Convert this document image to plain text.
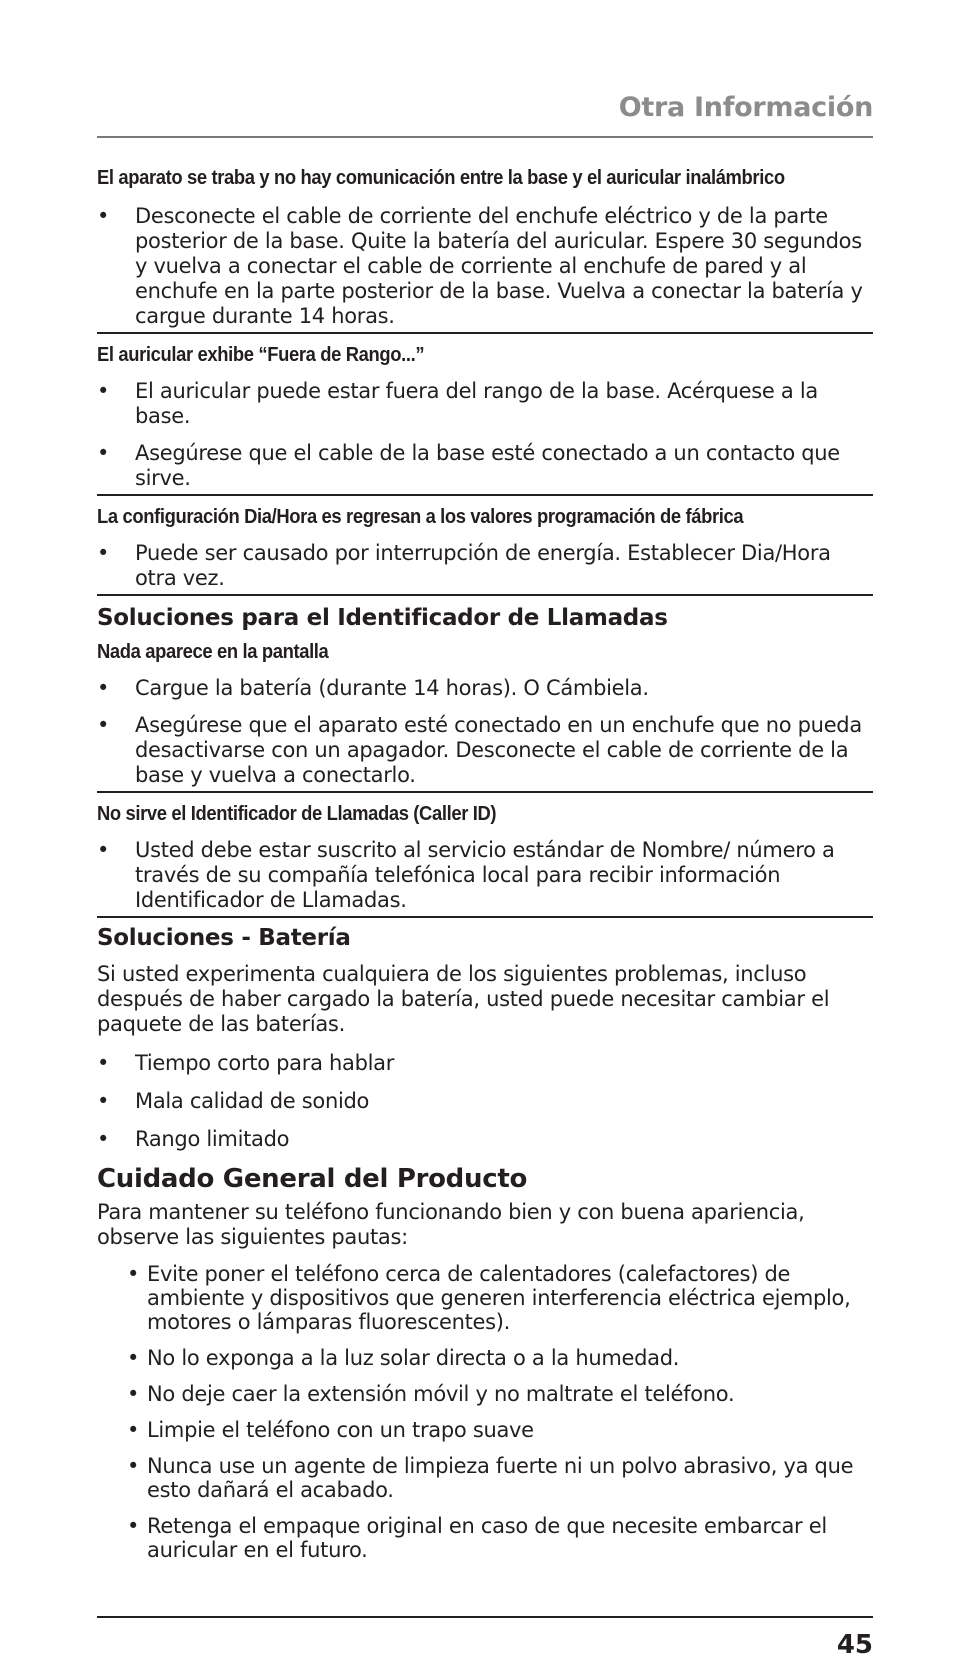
Otra Información

El aparato se traba y no hay comunicación entre la base y el auricular inalámbrico

• Desconecte el cable de corriente del enchufe eléctrico y de la parte posterior de la base. Quite la batería del auricular. Espere 30 segundos y vuelva a conectar el cable de corriente al enchufe de pared y al enchufe en la parte posterior de la base. Vuelva a conectar la batería y cargue durante 14 horas.

El auricular exhibe “Fuera de Rango...”

• El auricular puede estar fuera del rango de la base. Acérquese a la base.
• Asegúrese que el cable de la base esté conectado a un contacto que sirve.

La configuración Dia/Hora es regresan a los valores programación de fábrica

• Puede ser causado por interrupción de energía. Establecer Dia/Hora otra vez.

Soluciones para el Identificador de Llamadas

Nada aparece en la pantalla

• Cargue la batería (durante 14 horas). O Cámbiela.
• Asegúrese que el aparato esté conectado en un enchufe que no pueda desactivarse con un apagador. Desconecte el cable de corriente de la base y vuelva a conectarlo.

No sirve el Identificador de Llamadas (Caller ID)

• Usted debe estar suscrito al servicio estándar de Nombre/ número a través de su compañía telefónica local para recibir información Identificador de Llamadas.

Soluciones - Batería

Si usted experimenta cualquiera de los siguientes problemas, incluso después de haber cargado la batería, usted puede necesitar cambiar el paquete de las baterías.

• Tiempo corto para hablar
• Mala calidad de sonido
• Rango limitado

Cuidado General del Producto

Para mantener su teléfono funcionando bien y con buena apariencia, observe las siguientes pautas:

• Evite poner el teléfono cerca de calentadores (calefactores) de ambiente y dispositivos que generen interferencia eléctrica ejemplo, motores o lámparas fluorescentes).
• No lo exponga a la luz solar directa o a la humedad.
• No deje caer la extensión móvil y no maltrate el teléfono.
• Limpie el teléfono con un trapo suave
• Nunca use un agente de limpieza fuerte ni un polvo abrasivo, ya que esto dañará el acabado.
• Retenga el empaque original en caso de que necesite embarcar el auricular en el futuro.
45
